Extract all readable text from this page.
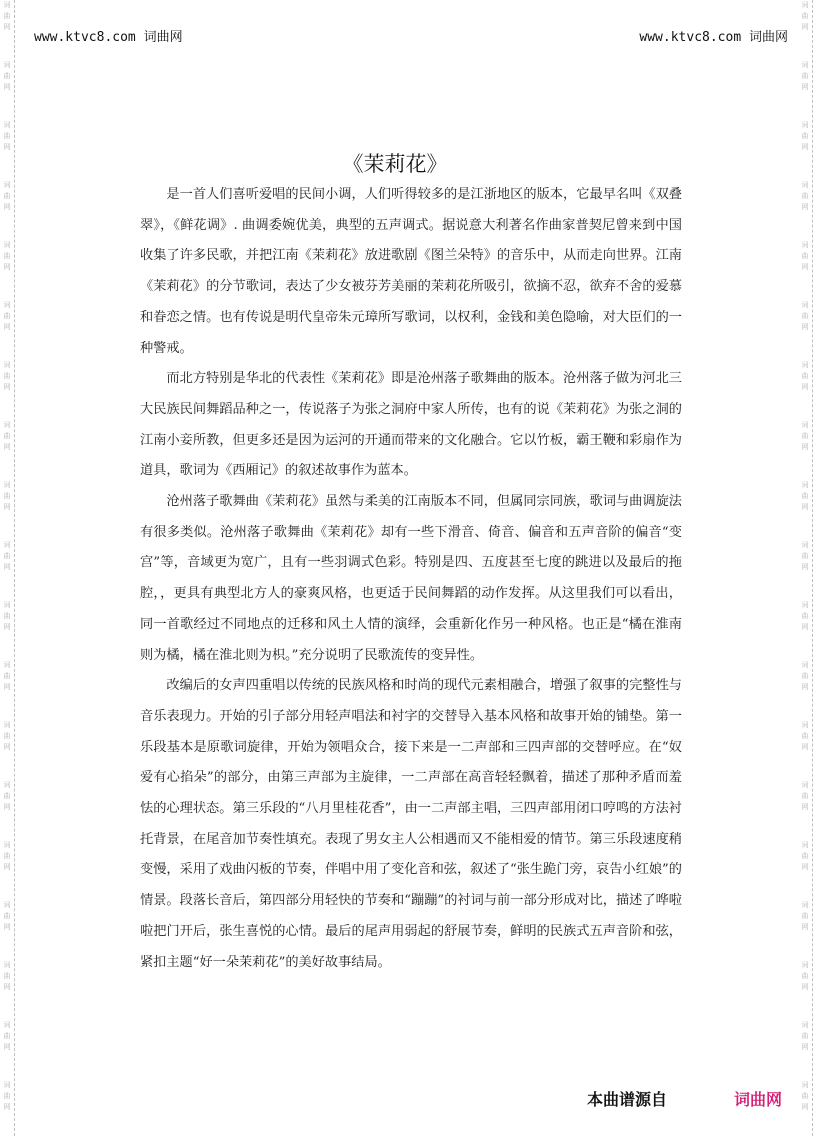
www.ktvc8.com 词曲网	www.ktvc8.com 词曲网
词
曲
网
词
曲
网
词
曲
网
词
曲
网
词
曲
网
词
曲
网
词
曲
网
词
曲
网
词
曲
网
词
曲
网
词
曲
网
词
曲
网
词
曲
网
词
曲
网
词
曲
网
词
曲
网
词
曲
网
词
曲
网
词
曲
网
词
曲
网
词
曲
网
词
曲
网
词
曲
网
词
曲
网
词
曲
网
词
曲
网
词
曲
网
词
曲
网
词
曲
网
词
曲
网
词
曲
网
词
曲
网
词
曲
网
词
曲
网
词
曲
网
词
曲
网
词
曲
网
词
曲
网
《茉莉花》

是一首人们喜听爱唱的民间小调，人们听得较多的是江浙地区的版本，它最早名叫《双叠翠》，《鲜花调》. 曲调委婉优美，典型的五声调式。据说意大利著名作曲家普契尼曾来到中国收集了许多民歌，并把江南《茉莉花》放进歌剧《图兰朵特》的音乐中，从而走向世界。江南《茉莉花》的分节歌词，表达了少女被芬芳美丽的茉莉花所吸引，欲摘不忍，欲弃不舍的爱慕和眷恋之情。也有传说是明代皇帝朱元璋所写歌词，以权利，金钱和美色隐喻，对大臣们的一种警戒。

而北方特别是华北的代表性《茉莉花》即是沧州落子歌舞曲的版本。沧州落子做为河北三大民族民间舞蹈品种之一，传说落子为张之洞府中家人所传，也有的说《茉莉花》为张之洞的江南小妾所教，但更多还是因为运河的开通而带来的文化融合。它以竹板，霸王鞭和彩扇作为道具，歌词为《西厢记》的叙述故事作为蓝本。

沧州落子歌舞曲《茉莉花》虽然与柔美的江南版本不同，但属同宗同族，歌词与曲调旋法有很多类似。沧州落子歌舞曲《茉莉花》却有一些下滑音、倚音、偏音和五声音阶的偏音“变宫”等，音域更为宽广，且有一些羽调式色彩。特别是四、五度甚至七度的跳进以及最后的拖腔，，更具有典型北方人的豪爽风格，也更适于民间舞蹈的动作发挥。从这里我们可以看出，同一首歌经过不同地点的迁移和风土人情的演绎，会重新化作另一种风格。也正是“橘在淮南则为橘，橘在淮北则为枳。”充分说明了民歌流传的变异性。

改编后的女声四重唱以传统的民族风格和时尚的现代元素相融合，增强了叙事的完整性与音乐表现力。开始的引子部分用轻声唱法和衬字的交替导入基本风格和故事开始的铺垫。第一乐段基本是原歌词旋律，开始为领唱众合，接下来是一二声部和三四声部的交替呼应。在“奴爱有心掐朵”的部分，由第三声部为主旋律，一二声部在高音轻轻飘着，描述了那种矛盾而羞怯的心理状态。第三乐段的“八月里桂花香”，由一二声部主唱，三四声部用闭口哼鸣的方法衬托背景，在尾音加节奏性填充。表现了男女主人公相遇而又不能相爱的情节。第三乐段速度稍变慢，采用了戏曲闪板的节奏，伴唱中用了变化音和弦，叙述了“张生跪门旁，哀告小红娘”的情景。段落长音后，第四部分用轻快的节奏和“蹦蹦”的衬词与前一部分形成对比，描述了哗啦啦把门开后，张生喜悦的心情。最后的尾声用弱起的舒展节奏，鲜明的民族式五声音阶和弦，紧扣主题“好一朵茉莉花”的美好故事结局。

本曲谱源自	词曲网
